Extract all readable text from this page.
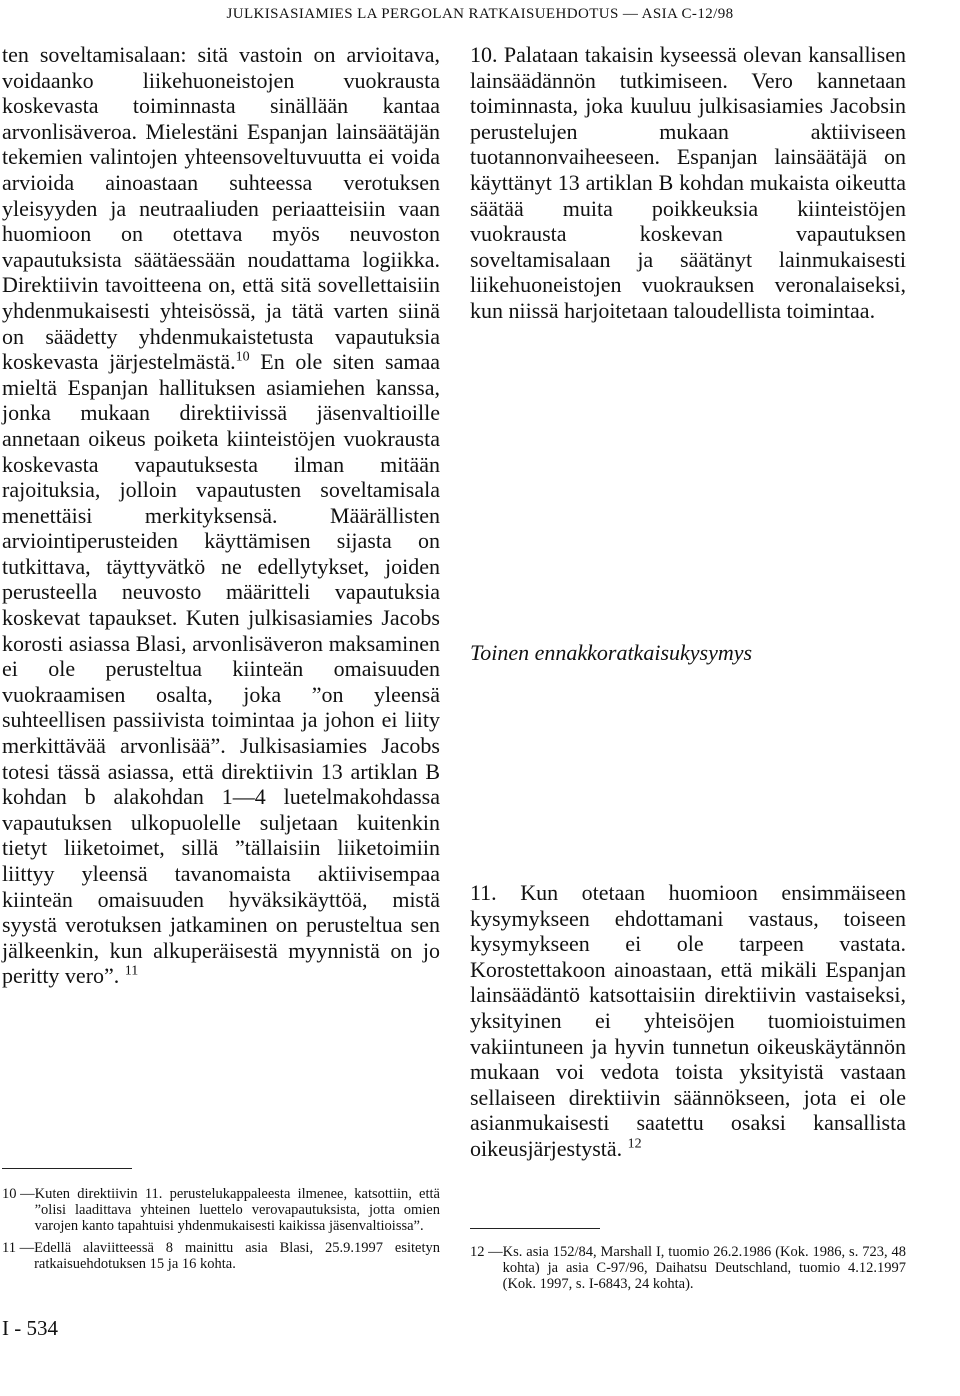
JULKISASIAMIES LA PERGOLAN RATKAISUEHDOTUS — ASIA C-12/98

ten soveltamisalaan: sitä vastoin on arvioitava, voidaanko liikehuoneistojen vuokrausta koskevasta toiminnasta sinällään kantaa arvonlisäveroa. Mielestäni Espanjan lainsäätäjän tekemien valintojen yhteensoveltuvuutta ei voida arvioida ainoastaan suhteessa verotuksen yleisyyden ja neutraaliuden periaatteisiin vaan huomioon on otettava myös neuvoston vapautuksista säätäessään noudattama logiikka. Direktiivin tavoitteena on, että sitä sovellettaisiin yhdenmukaisesti yhteisössä, ja tätä varten siinä on säädetty yhdenmukaistetusta vapautuksia koskevasta järjestelmästä.$^{10}$ En ole siten samaa mieltä Espanjan hallituksen asiamiehen kanssa, jonka mukaan direktiivissä jäsenvaltioille annetaan oikeus poiketa kiinteistöjen vuokrausta koskevasta vapautuksesta ilman mitään rajoituksia, jolloin vapautusten soveltamisala menettäisi merkityksensä. Määrällisten arviointiperusteiden käyttämisen sijasta on tutkittava, täyttyvätkö ne edellytykset, joiden perusteella neuvosto määritteli vapautuksia koskevat tapaukset. Kuten julkisasiamies Jacobs korosti asiassa Blasi, arvonlisäveron maksaminen ei ole perusteltua kiinteän omaisuuden vuokraamisen osalta, joka ”on yleensä suhteellisen passiivista toimintaa ja johon ei liity merkittävää arvonlisää”. Julkisasiamies Jacobs totesi tässä asiassa, että direktiivin 13 artiklan B kohdan b alakohdan 1—4 luetelmakohdassa vapautuksen ulkopuolelle suljetaan kuitenkin tietyt liiketoimet, sillä ”tällaisiin liiketoimiin liittyy yleensä tavanomaista aktiivisempaa kiinteän omaisuuden hyväksikäyttöä, mistä syystä verotuksen jatkaminen on perusteltua sen jälkeenkin, kun alkuperäisestä myynnistä on jo peritty vero”. $^{11}$

10. Palataan takaisin kyseessä olevan kansallisen lainsäädännön tutkimiseen. Vero kannetaan toiminnasta, joka kuuluu julkisasiamies Jacobsin perustelujen mukaan aktiiviseen tuotannonvaiheeseen. Espanjan lainsäätäjä on käyttänyt 13 artiklan B kohdan mukaista oikeutta säätää muita poikkeuksia kiinteistöjen vuokrausta koskevan vapautuksen soveltamisalaan ja säätänyt lainmukaisesti liikehuoneistojen vuokrauksen veronalaiseksi, kun niissä harjoitetaan taloudellista toimintaa.

Toinen ennakkoratkaisukysymys

11. Kun otetaan huomioon ensimmäiseen kysymykseen ehdottamani vastaus, toiseen kysymykseen ei ole tarpeen vastata. Korostettakoon ainoastaan, että mikäli Espanjan lainsäädäntö katsottaisiin direktiivin vastaiseksi, yksityinen ei yhteisöjen tuomioistuimen vakiintuneen ja hyvin tunnetun oikeuskäytännön mukaan voi vedota toista yksityistä vastaan sellaiseen direktiivin säännökseen, jota ei ole asianmukaisesti saatettu osaksi kansallista oikeusjärjestystä. $^{12}$

10 — Kuten direktiivin 11. perustelukappaleesta ilmenee, katsottiin, että ”olisi laadittava yhteinen luettelo verovapautuksista, jotta omien varojen kanto tapahtuisi yhdenmukaisesti kaikissa jäsenvaltioissa”.
11 — Edellä alaviitteessä 8 mainittu asia Blasi, 25.9.1997 esitetyn ratkaisuehdotuksen 15 ja 16 kohta.
12 — Ks. asia 152/84, Marshall I, tuomio 26.2.1986 (Kok. 1986, s. 723, 48 kohta) ja asia C-97/96, Daihatsu Deutschland, tuomio 4.12.1997 (Kok. 1997, s. I-6843, 24 kohta).
I - 534
